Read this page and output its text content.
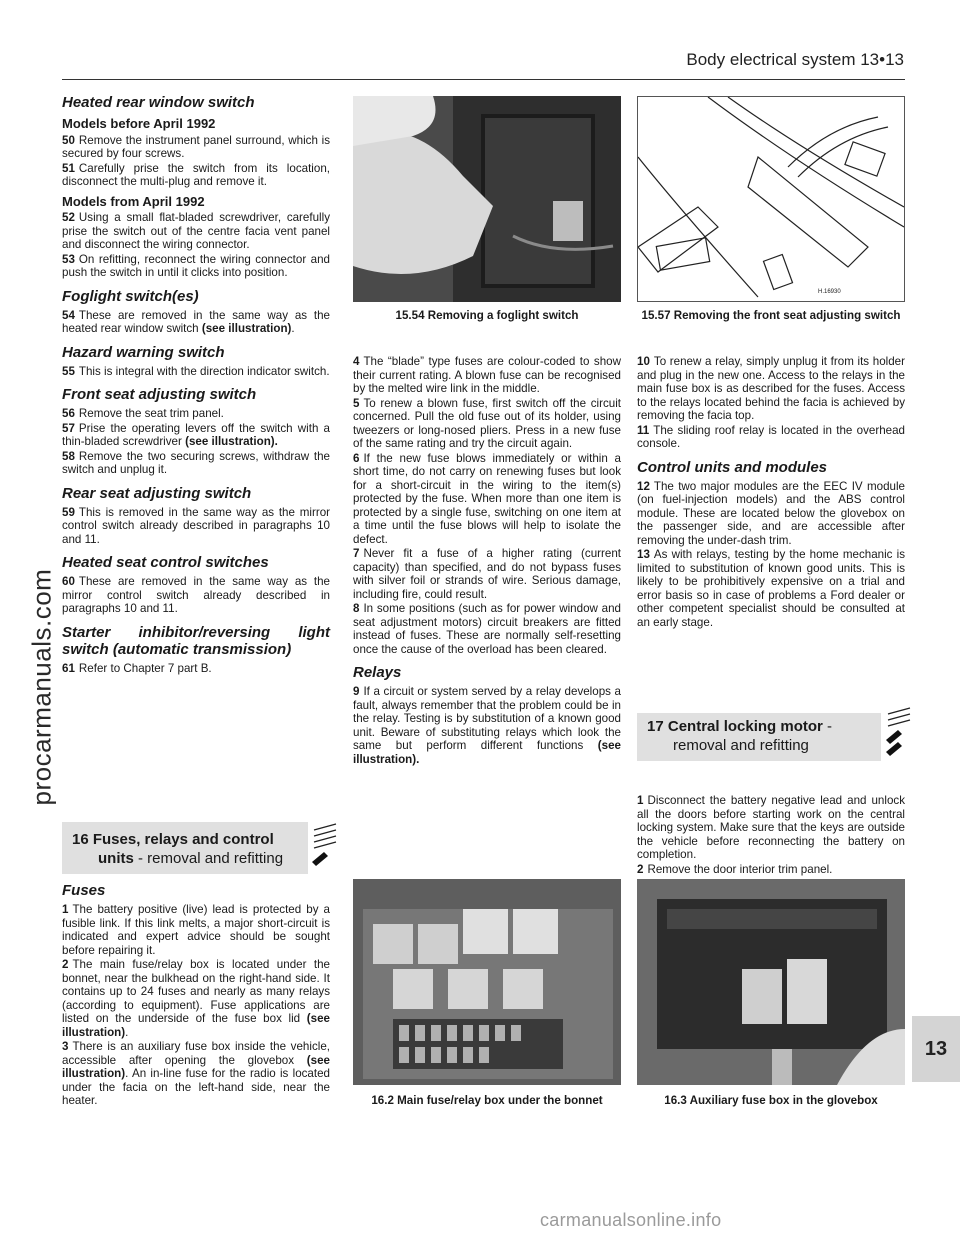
Body electrical system 13•13
procarmanuals.com
13
carmanualsonline.info
Heated rear window switch
Models before April 1992

50 Remove the instrument panel surround, which is secured by four screws.

51 Carefully prise the switch from its location, disconnect the multi-plug and remove it.

Models from April 1992

52 Using a small flat-bladed screwdriver, carefully prise the switch out of the centre facia vent panel and disconnect the wiring connector.

53 On refitting, reconnect the wiring connector and push the switch in until it clicks into position.

Foglight switch(es)

54 These are removed in the same way as the heated rear window switch (see illustration).

Hazard warning switch

55 This is integral with the direction indicator switch.

Front seat adjusting switch

56 Remove the seat trim panel.

57 Prise the operating levers off the switch with a thin-bladed screwdriver (see illustration).

58 Remove the two securing screws, withdraw the switch and unplug it.

Rear seat adjusting switch

59 This is removed in the same way as the mirror control switch already described in paragraphs 10 and 11.

Heated seat control switches

60 These are removed in the same way as the mirror control switch already described in paragraphs 10 and 11.

Starter inhibitor/reversing light switch (automatic transmission)

61 Refer to Chapter 7 part B.

16 Fuses, relays and control
units - removal and refitting
Fuses

1 The battery positive (live) lead is protected by a fusible link. If this link melts, a major short-circuit is indicated and expert advice should be sought before repairing it.

2 The main fuse/relay box is located under the bonnet, near the bulkhead on the right-hand side. It contains up to 24 fuses and nearly as many relays (according to equipment). Fuse applications are listed on the underside of the fuse box lid (see illustration).

3 There is an auxiliary fuse box inside the vehicle, accessible after opening the glovebox (see illustration). An in-line fuse for the radio is located under the facia on the left-hand side, near the heater.

15.54 Removing a foglight switch
H.16930
15.57 Removing the front seat adjusting switch

4 The “blade” type fuses are colour-coded to show their current rating. A blown fuse can be recognised by the melted wire link in the middle.

5 To renew a blown fuse, first switch off the circuit concerned. Pull the old fuse out of its holder, using tweezers or long-nosed pliers. Press in a new fuse of the same rating and try the circuit again.

6 If the new fuse blows immediately or within a short time, do not carry on renewing fuses but look for a short-circuit in the wiring to the item(s) protected by the fuse. When more than one item is protected by a single fuse, switching on one item at a time until the fuse blows will help to isolate the defect.

7 Never fit a fuse of a higher rating (current capacity) than specified, and do not bypass fuses with silver foil or strands of wire. Serious damage, including fire, could result.

8 In some positions (such as for power window and seat adjustment motors) circuit breakers are fitted instead of fuses. These are normally self-resetting once the cause of the overload has been cleared.

Relays

9 If a circuit or system served by a relay develops a fault, always remember that the problem could be in the relay. Testing is by substitution of a known good unit. Beware of substituting relays which look the same but perform different functions (see illustration).

10 To renew a relay, simply unplug it from its holder and plug in the new one. Access to the relays in the main fuse box is as described for the fuses. Access to the relays located behind the facia is achieved by removing the facia top.

11 The sliding roof relay is located in the overhead console.

Control units and modules

12 The two major modules are the EEC IV module (on fuel-injection models) and the ABS control module. These are located below the glovebox on the passenger side, and are accessible after removing the under-dash trim.

13 As with relays, testing by the home mechanic is limited to substitution of known good units. This is likely to be prohibitively expensive on a trial and error basis so in case of problems a Ford dealer or other competent specialist should be consulted at an early stage.

17 Central locking motor -
removal and refitting

1 Disconnect the battery negative lead and unlock all the doors before starting work on the central locking system. Make sure that the keys are outside the vehicle before reconnecting the battery on completion.

2 Remove the door interior trim panel.

16.2 Main fuse/relay box under the bonnet	16.3 Auxiliary fuse box in the glovebox
